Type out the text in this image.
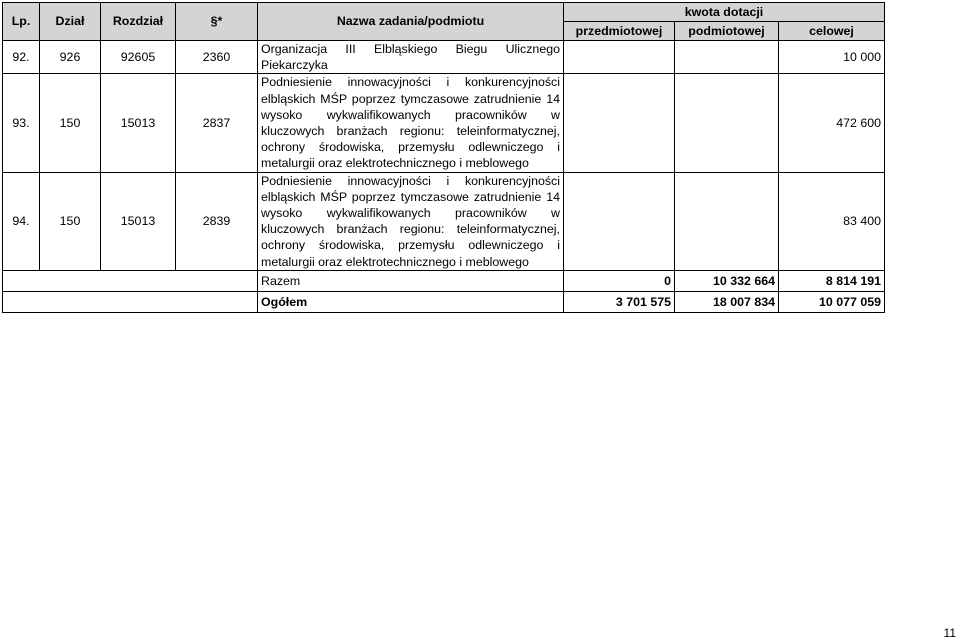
Lp.	Dział	Rozdział	§*	Nazwa zadania/podmiotu	kwota dotacji		
					przedmiotowej	podmiotowej	celowej
92.	926	92605	2360	Organizacja III Elbląskiego Biegu Ulicznego Piekarczyka			10 000
93.	150	15013	2837	Podniesienie innowacyjności i konkurencyjności elbląskich MŚP poprzez tymczasowe zatrudnienie 14 wysoko wykwalifikowanych pracowników w kluczowych branżach regionu: teleinformatycznej, ochrony środowiska, przemysłu odlewniczego i metalurgii oraz elektrotechnicznego i meblowego			472 600
94.	150	15013	2839	Podniesienie innowacyjności i konkurencyjności elbląskich MŚP poprzez tymczasowe zatrudnienie 14 wysoko wykwalifikowanych pracowników w kluczowych branżach regionu: teleinformatycznej, ochrony środowiska, przemysłu odlewniczego i metalurgii oraz elektrotechnicznego i meblowego			83 400
				Razem	0	10 332 664	8 814 191
				Ogółem	3 701 575	18 007 834	10 077 059
11
